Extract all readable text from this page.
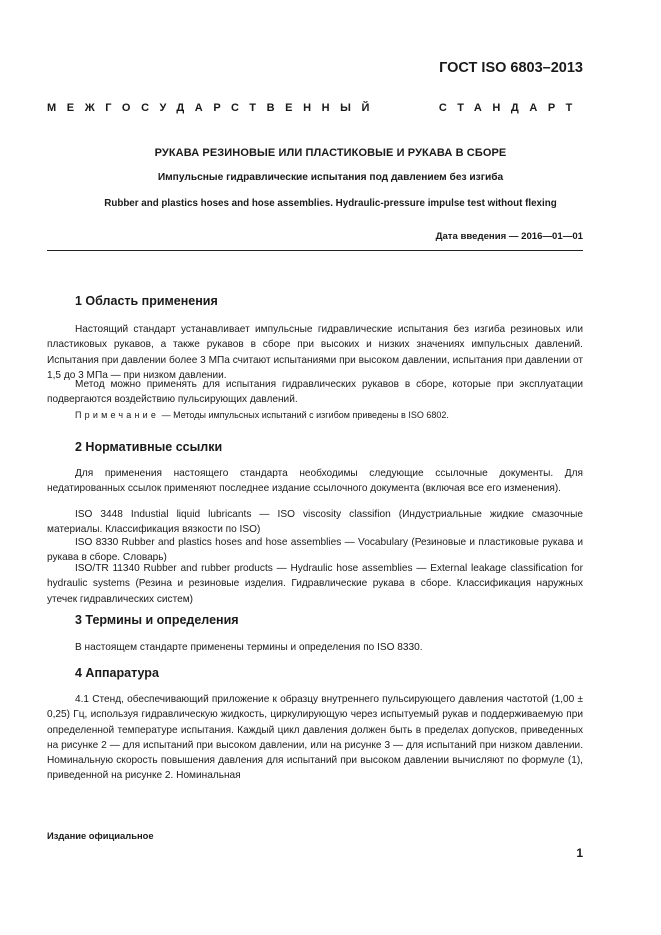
ГОСТ ISO 6803–2013
МЕЖГОСУДАРСТВЕННЫЙ	СТАНДАРТ
РУКАВА РЕЗИНОВЫЕ ИЛИ ПЛАСТИКОВЫЕ И РУКАВА В СБОРЕ
Импульсные гидравлические испытания под давлением без изгиба
Rubber and plastics hoses and hose assemblies. Hydraulic-pressure impulse test without flexing
Дата введения — 2016—01—01
1 Область применения
Настоящий стандарт устанавливает импульсные гидравлические испытания без изгиба резиновых или пластиковых рукавов, а также рукавов в сборе при высоких и низких значениях импульсных давлений. Испытания при давлении более 3 МПа считают испытаниями при высоком давлении, испытания при давлении от 1,5 до 3 МПа — при низком давлении.
Метод можно применять для испытания гидравлических рукавов в сборе, которые при эксплуатации подвергаются воздействию пульсирующих давлений.
Примечание — Методы импульсных испытаний с изгибом приведены в ISO 6802.
2 Нормативные ссылки
Для применения настоящего стандарта необходимы следующие ссылочные документы. Для недатированных ссылок применяют последнее издание ссылочного документа (включая все его изменения).
ISO 3448 Industial liquid lubricants — ISO viscosity classifion (Индустриальные жидкие смазочные материалы. Классификация вязкости по ISO)
ISO 8330 Rubber and plastics hoses and hose assemblies — Vocabulary (Резиновые и пластиковые рукава и рукава в сборе. Словарь)
ISO/TR 11340 Rubber and rubber products — Hydraulic hose assemblies — External leakage classification for hydraulic systems (Резина и резиновые изделия. Гидравлические рукава в сборе. Классификация наружных утечек гидравлических систем)
3 Термины и определения
В настоящем стандарте применены термины и определения по ISO 8330.
4 Аппаратура
4.1 Стенд, обеспечивающий приложение к образцу внутреннего пульсирующего давления частотой (1,00 ± 0,25) Гц, используя гидравлическую жидкость, циркулирующую через испытуемый рукав и поддерживаемую при определенной температуре испытания. Каждый цикл давления должен быть в пределах допусков, приведенных на рисунке 2 — для испытаний при высоком давлении, или на рисунке 3 — для испытаний при низком давлении. Номинальную скорость повышения давления для испытаний при высоком давлении вычисляют по формуле (1), приведенной на рисунке 2. Номинальная
Издание официальное
1
